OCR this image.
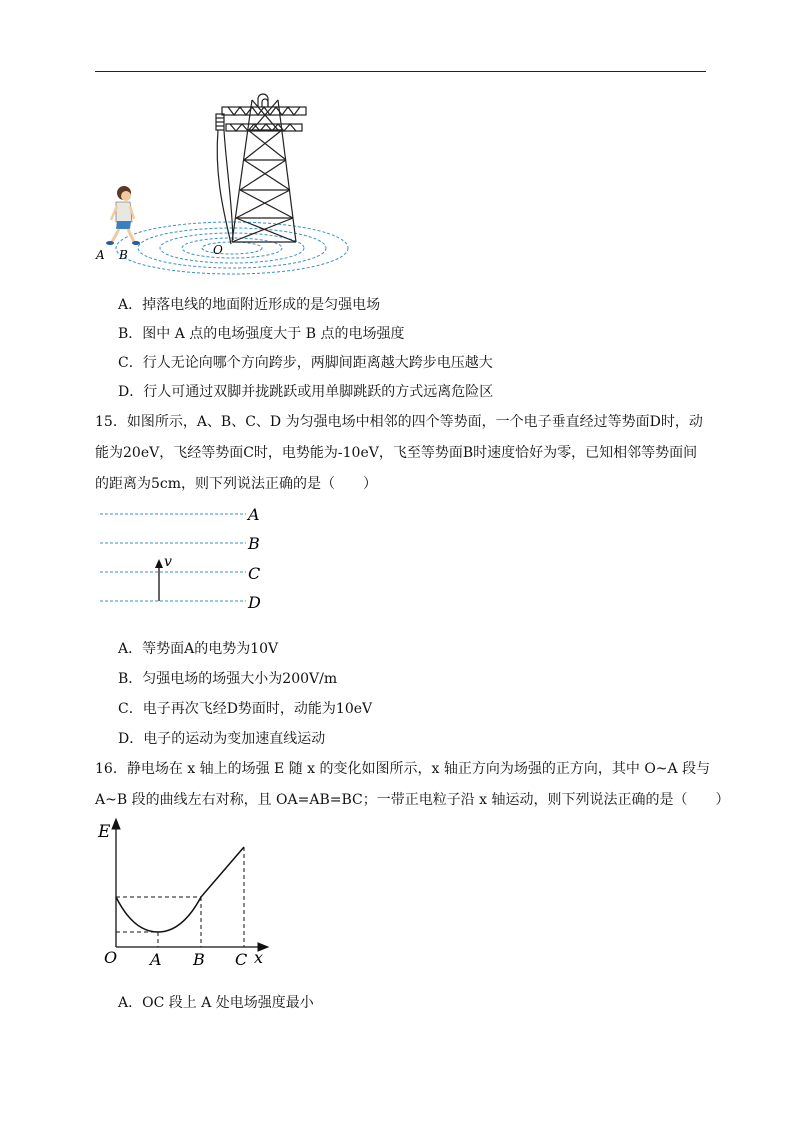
A B	O
A．掉落电线的地面附近形成的是匀强电场
B．图中 A 点的电场强度大于 B 点的电场强度
C．行人无论向哪个方向跨步，两脚间距离越大跨步电压越大
D．行人可通过双脚并拢跳跃或用单脚跳跃的方式远离危险区
15．如图所示，A、B、C、D 为匀强电场中相邻的四个等势面，一个电子垂直经过等势面D时，动
能为20eV，飞经等势面C时，电势能为-10eV，飞至等势面B时速度恰好为零，已知相邻等势面间
的距离为5cm，则下列说法正确的是（　　）
v
A
B
C
D
A．等势面A的电势为10V
B．匀强电场的场强大小为200V/m
C．电子再次飞经D势面时，动能为10eV
D．电子的运动为变加速直线运动
16．静电场在 x 轴上的场强 E 随 x 的变化如图所示，x 轴正方向为场强的正方向，其中 O~A 段与
A~B 段的曲线左右对称，且 OA=AB=BC；一带正电粒子沿 x 轴运动，则下列说法正确的是（　　）
E
O A B C x
A．OC 段上 A 处电场强度最小
